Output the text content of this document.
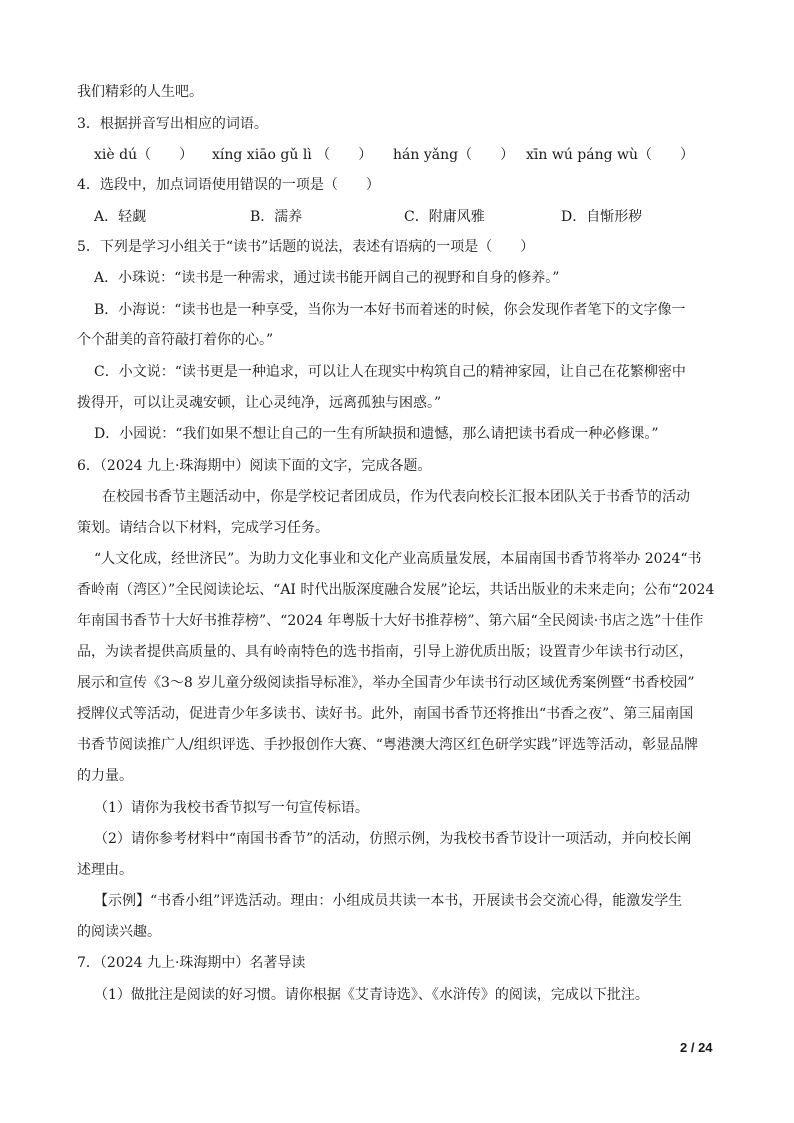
我们精彩的人生吧。
3．根据拼音写出相应的词语。
xiè dú（　　） xíng xiāo gǔ lì （　　） hán yǎng（　　） xīn wú páng wù（　　）
4．选段中，加点词语使用错误的一项是（　　）
A．轻觑	B．濡养	C．附庸风雅	D．自惭形秽
5．下列是学习小组关于“读书”话题的说法，表述有语病的一项是（　　）
A．小珠说：“读书是一种需求，通过读书能开阔自己的视野和自身的修养。”
B．小海说：“读书也是一种享受，当你为一本好书而着迷的时候，你会发现作者笔下的文字像一
个个甜美的音符敲打着你的心。”
C．小文说：“读书更是一种追求，可以让人在现实中构筑自己的精神家园，让自己在花繁柳密中
拨得开，可以让灵魂安顿，让心灵纯净，远离孤独与困惑。”
D．小园说：“我们如果不想让自己的一生有所缺损和遗憾，那么请把读书看成一种必修课。”
6．（2024 九上·珠海期中）阅读下面的文字，完成各题。
在校园书香节主题活动中，你是学校记者团成员，作为代表向校长汇报本团队关于书香节的活动
策划。请结合以下材料，完成学习任务。
“人文化成，经世济民”。为助力文化事业和文化产业高质量发展，本届南国书香节将举办 2024“书
香岭南（湾区）”全民阅读论坛、“AI 时代出版深度融合发展”论坛，共话出版业的未来走向；公布“2024
年南国书香节十大好书推荐榜”、“2024 年粤版十大好书推荐榜”、第六届“全民阅读·书店之选”十佳作
品，为读者提供高质量的、具有岭南特色的选书指南，引导上游优质出版；设置青少年读书行动区，
展示和宣传《3～8 岁儿童分级阅读指导标准》，举办全国青少年读书行动区域优秀案例暨“书香校园”
授牌仪式等活动，促进青少年多读书、读好书。此外，南国书香节还将推出“书香之夜”、第三届南国
书香节阅读推广人/组织评选、手抄报创作大赛、“粤港澳大湾区红色研学实践”评选等活动，彰显品牌
的力量。
（1）请你为我校书香节拟写一句宣传标语。
（2）请你参考材料中“南国书香节”的活动，仿照示例，为我校书香节设计一项活动，并向校长阐
述理由。
【示例】“书香小组”评选活动。理由：小组成员共读一本书，开展读书会交流心得，能激发学生
的阅读兴趣。
7．（2024 九上·珠海期中）名著导读
（1）做批注是阅读的好习惯。请你根据《艾青诗选》、《水浒传》的阅读，完成以下批注。
2 / 24
